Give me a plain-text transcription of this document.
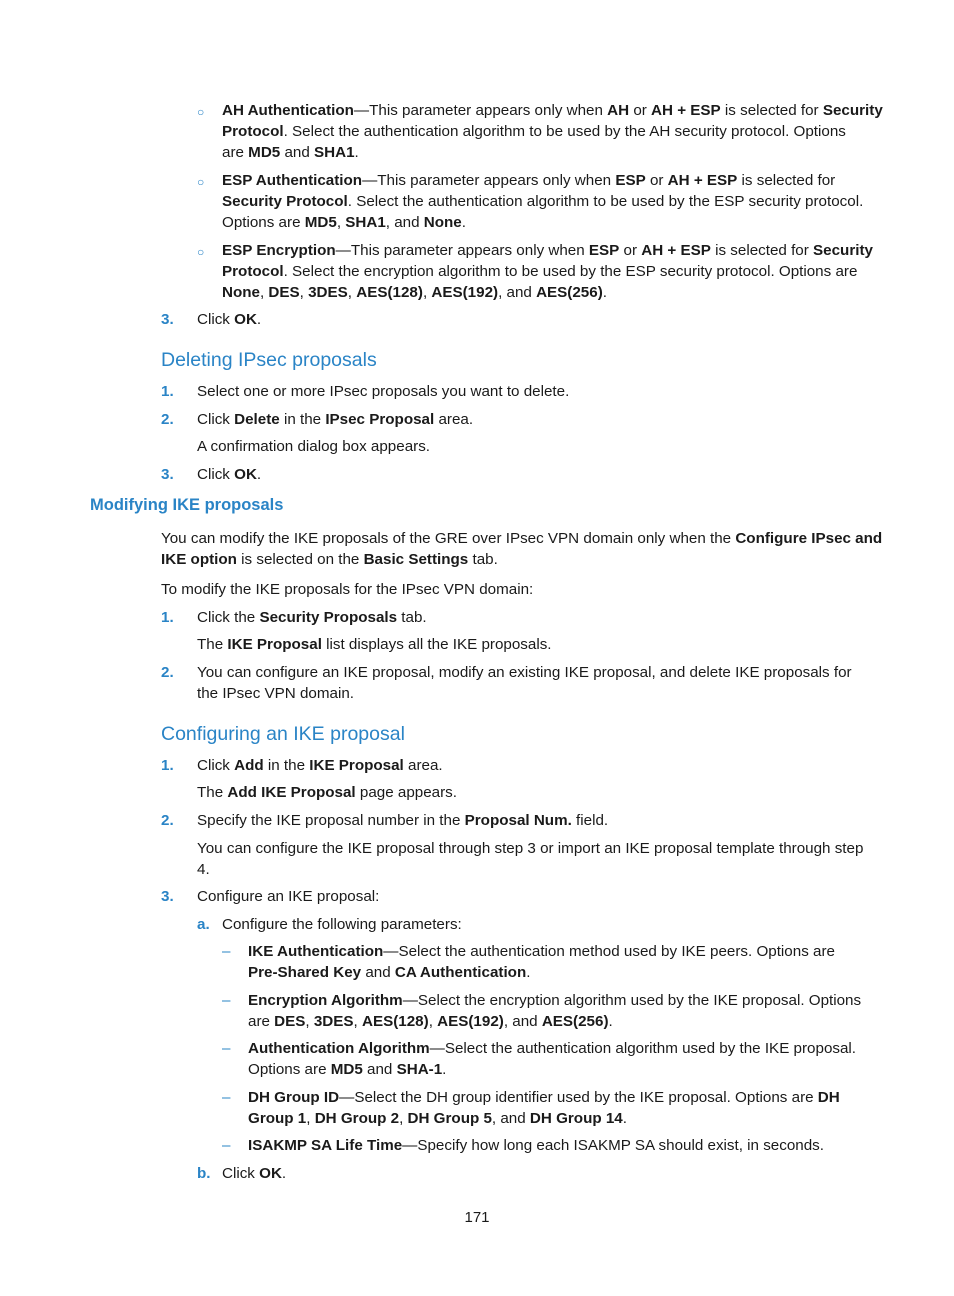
○ AH Authentication—This parameter appears only when AH or AH + ESP is selected for Security
Protocol. Select the authentication algorithm to be used by the AH security protocol. Options
are MD5 and SHA1.
○ ESP Authentication—This parameter appears only when ESP or AH + ESP is selected for
Security Protocol. Select the authentication algorithm to be used by the ESP security protocol.
Options are MD5, SHA1, and None.
○ ESP Encryption—This parameter appears only when ESP or AH + ESP is selected for Security
Protocol. Select the encryption algorithm to be used by the ESP security protocol. Options are
None, DES, 3DES, AES(128), AES(192), and AES(256).
3. Click OK.
Deleting IPsec proposals
1. Select one or more IPsec proposals you want to delete.
2. Click Delete in the IPsec Proposal area.
A confirmation dialog box appears.
3. Click OK.
Modifying IKE proposals
You can modify the IKE proposals of the GRE over IPsec VPN domain only when the Configure IPsec and
IKE option is selected on the Basic Settings tab.
To modify the IKE proposals for the IPsec VPN domain:
1. Click the Security Proposals tab.
The IKE Proposal list displays all the IKE proposals.
2. You can configure an IKE proposal, modify an existing IKE proposal, and delete IKE proposals for
the IPsec VPN domain.
Configuring an IKE proposal
1. Click Add in the IKE Proposal area.
The Add IKE Proposal page appears.
2. Specify the IKE proposal number in the Proposal Num. field.
You can configure the IKE proposal through step 3 or import an IKE proposal template through step
4.
3. Configure an IKE proposal:
a. Configure the following parameters:
– IKE Authentication—Select the authentication method used by IKE peers. Options are
Pre-Shared Key and CA Authentication.
– Encryption Algorithm—Select the encryption algorithm used by the IKE proposal. Options
are DES, 3DES, AES(128), AES(192), and AES(256).
– Authentication Algorithm—Select the authentication algorithm used by the IKE proposal.
Options are MD5 and SHA-1.
– DH Group ID—Select the DH group identifier used by the IKE proposal. Options are DH
Group 1, DH Group 2, DH Group 5, and DH Group 14.
– ISAKMP SA Life Time—Specify how long each ISAKMP SA should exist, in seconds.
b. Click OK.
171
